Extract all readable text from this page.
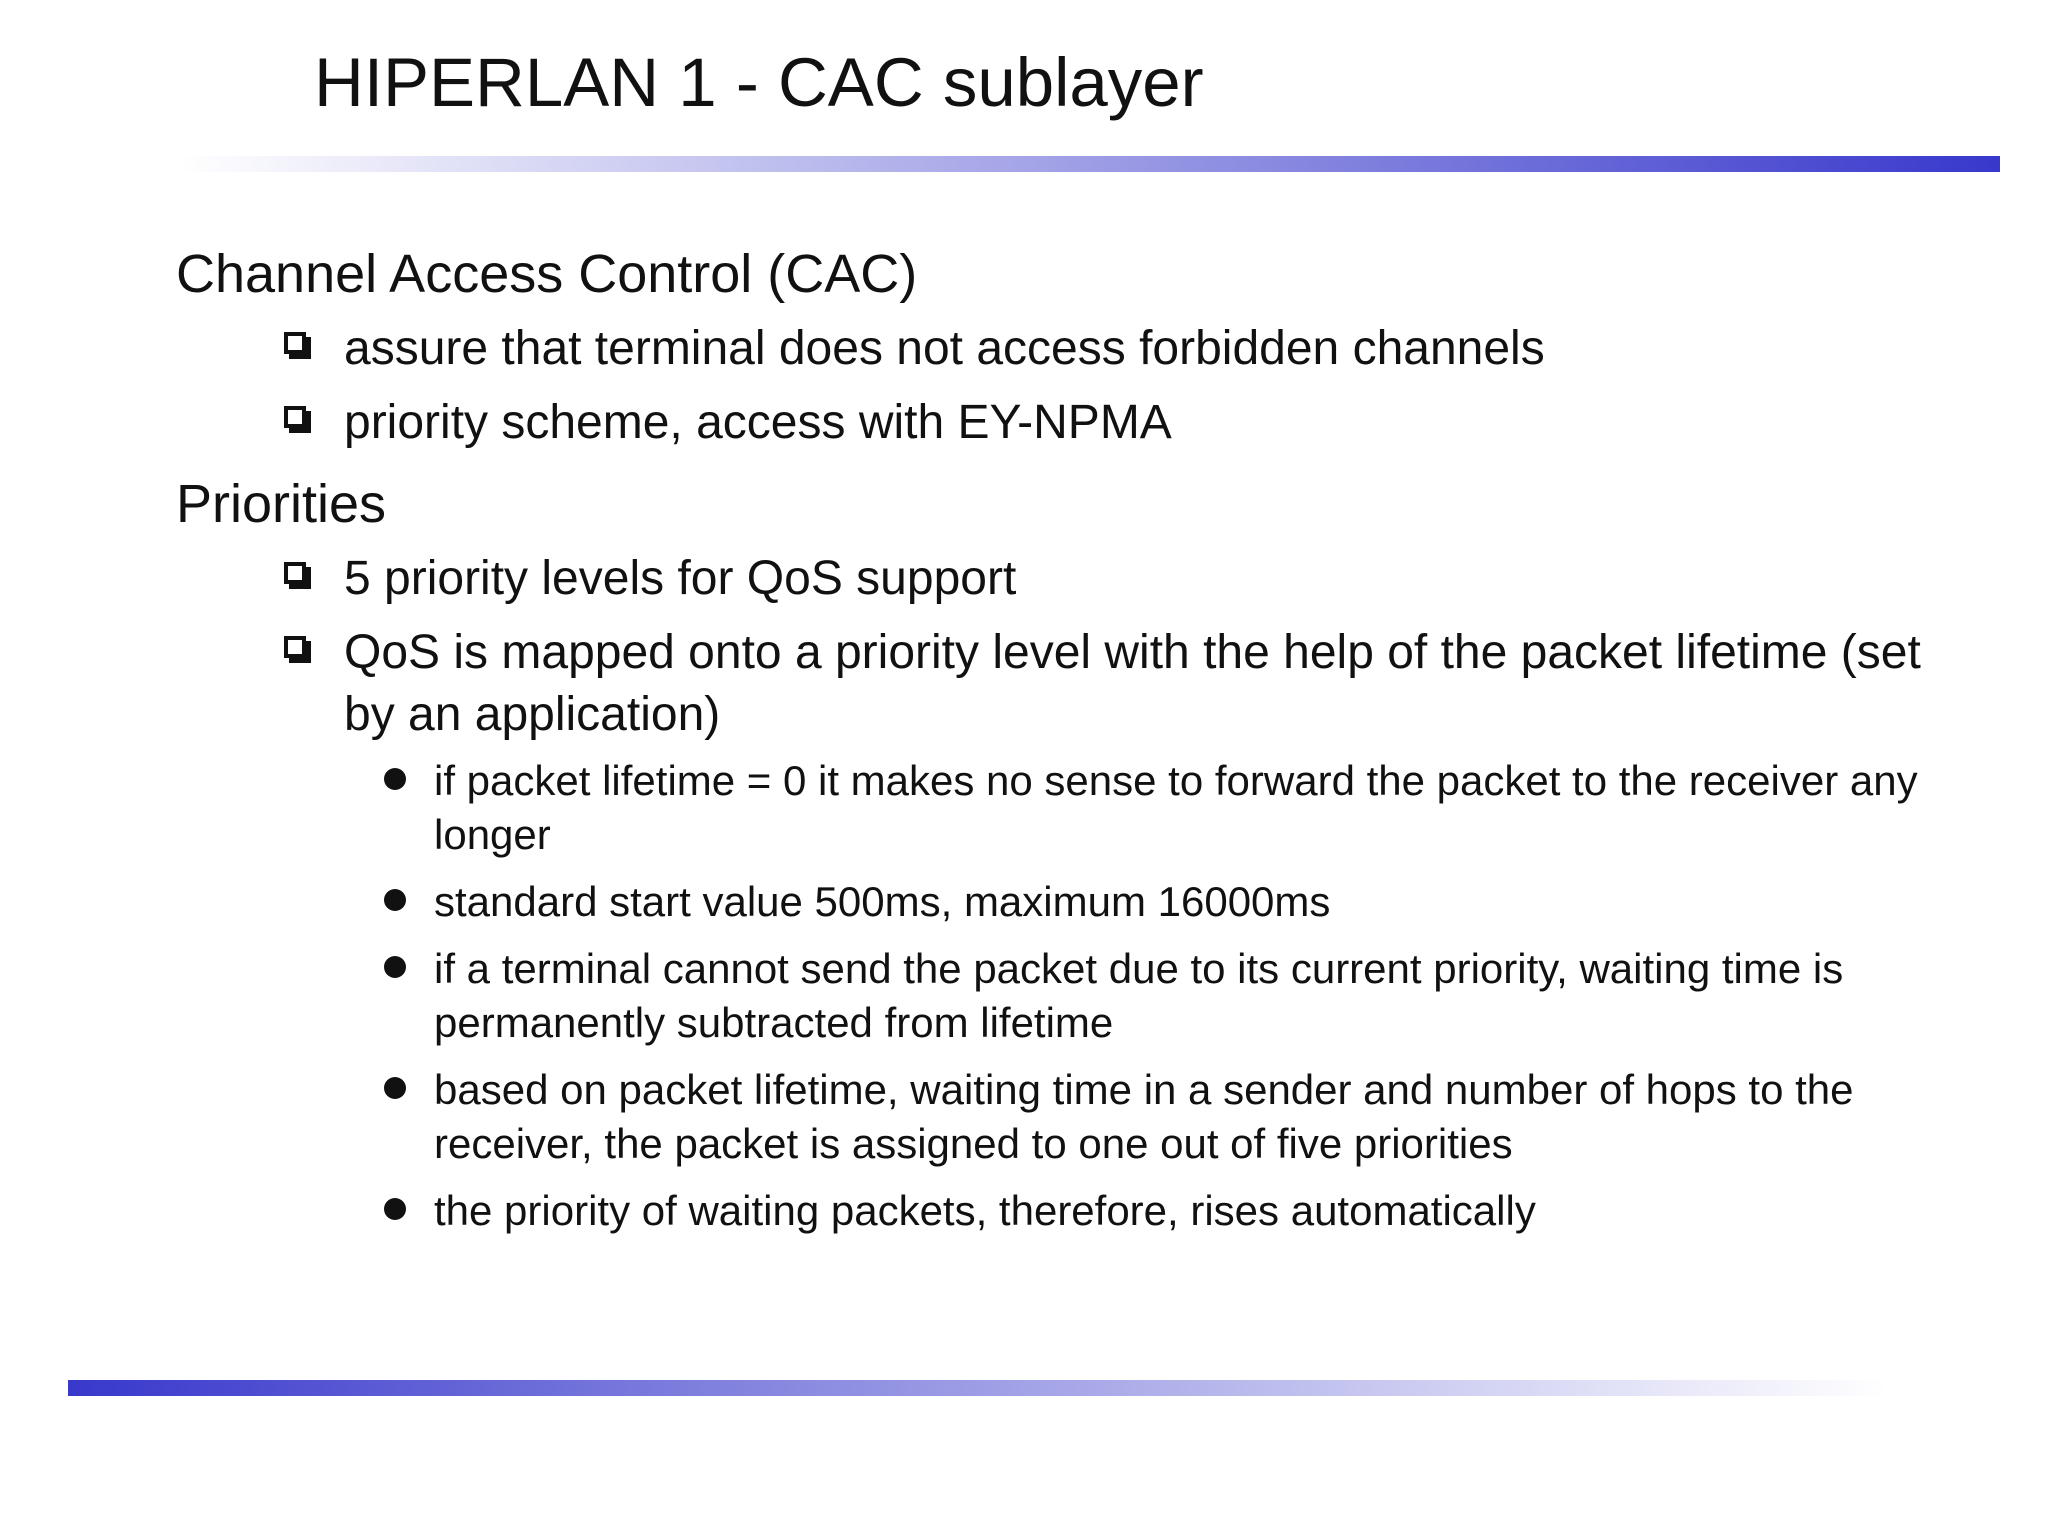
HIPERLAN 1 - CAC sublayer
Channel Access Control (CAC)
assure that terminal does not access forbidden channels
priority scheme, access with EY-NPMA
Priorities
5 priority levels for QoS support
QoS is mapped onto a priority level with the help of the packet lifetime (set by an application)
if packet lifetime = 0 it makes no sense to forward the packet to the receiver any longer
standard start value 500ms, maximum 16000ms
if a terminal cannot send the packet due to its current priority, waiting time is permanently subtracted from lifetime
based on packet lifetime, waiting time in a sender and number of hops to the receiver, the packet is assigned to one out of five priorities
the priority of waiting packets, therefore, rises automatically
